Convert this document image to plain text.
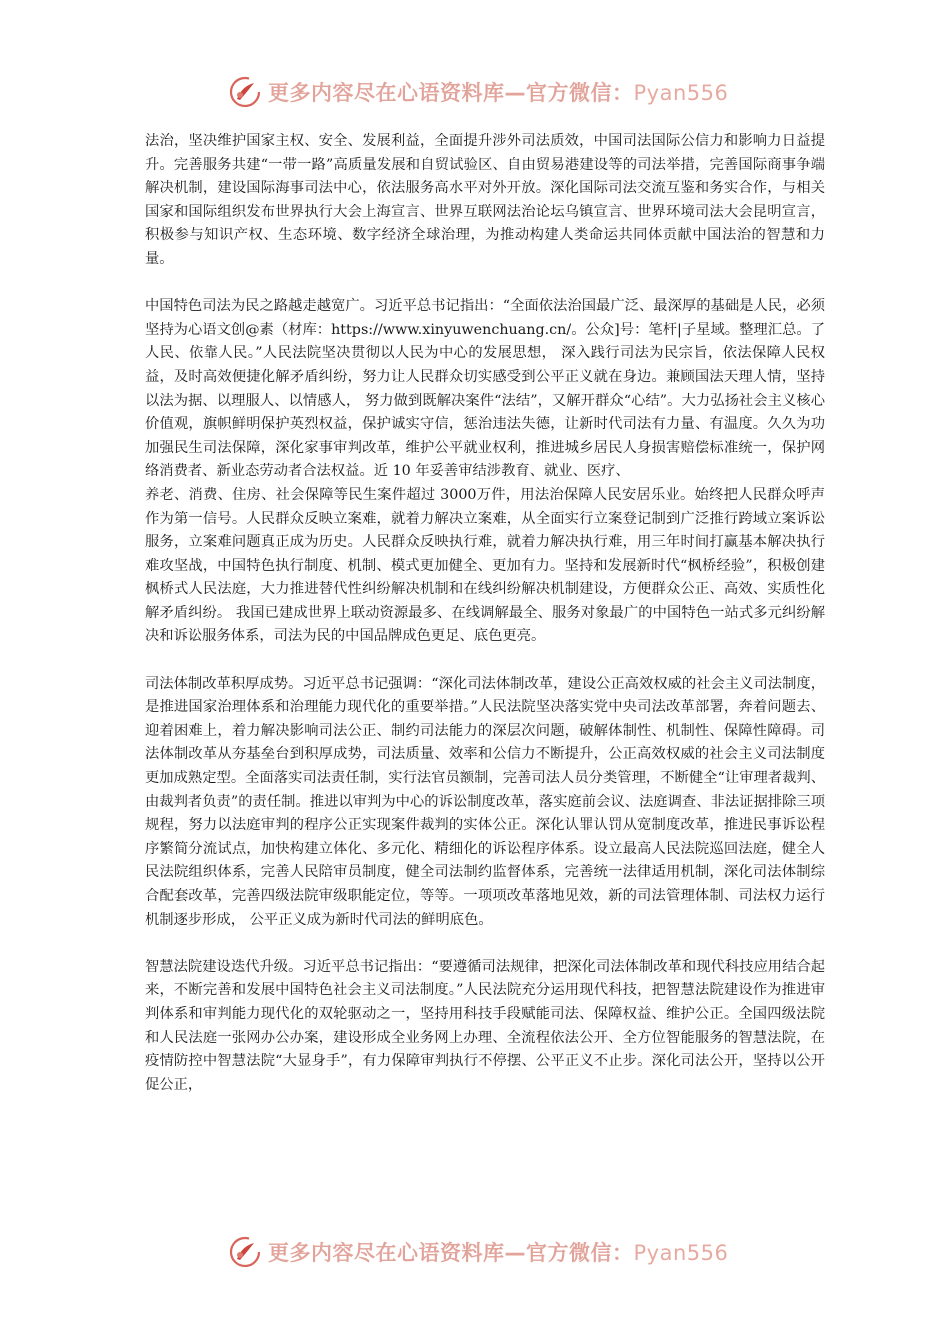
更多内容尽在心语资料库—官方微信：Pyan556

法治，坚决维护国家主权、安全、发展利益，全面提升涉外司法质效，中国司法国际公信力和影响力日益提升。完善服务共建“一带一路”高质量发展和自贸试验区、自由贸易港建设等的司法举措，完善国际商事争端解决机制，建设国际海事司法中心，依法服务高水平对外开放。深化国际司法交流互鉴和务实合作，与相关国家和国际组织发布世界执行大会上海宣言、世界互联网法治论坛乌镇宣言、世界环境司法大会昆明宣言，积极参与知识产权、生态环境、数字经济全球治理，为推动构建人类命运共同体贡献中国法治的智慧和力量。

中国特色司法为民之路越走越宽广。习近平总书记指出：“全面依法治国最广泛、最深厚的基础是人民，必须坚持为心语文创@素（材库：https://www.xinyuwenchuang.cn/。公众]号：笔杆|子星域。整理汇总。了人民、依靠人民。”人民法院坚决贯彻以人民为中心的发展思想， 深入践行司法为民宗旨，依法保障人民权益，及时高效便捷化解矛盾纠纷，努力让人民群众切实感受到公平正义就在身边。兼顾国法天理人情，坚持以法为据、以理服人、以情感人， 努力做到既解决案件“法结”，又解开群众“心结”。大力弘扬社会主义核心价值观，旗帜鲜明保护英烈权益，保护诚实守信，惩治违法失德，让新时代司法有力量、有温度。久久为功加强民生司法保障，深化家事审判改革，维护公平就业权利，推进城乡居民人身损害赔偿标准统一，保护网络消费者、新业态劳动者合法权益。近 10 年妥善审结涉教育、就业、医疗、

养老、消费、住房、社会保障等民生案件超过 3000万件，用法治保障人民安居乐业。始终把人民群众呼声作为第一信号。人民群众反映立案难，就着力解决立案难，从全面实行立案登记制到广泛推行跨域立案诉讼服务，立案难问题真正成为历史。人民群众反映执行难，就着力解决执行难，用三年时间打赢基本解决执行难攻坚战，中国特色执行制度、机制、模式更加健全、更加有力。坚持和发展新时代“枫桥经验”，积极创建枫桥式人民法庭，大力推进替代性纠纷解决机制和在线纠纷解决机制建设，方便群众公正、高效、实质性化解矛盾纠纷。 我国已建成世界上联动资源最多、在线调解最全、服务对象最广的中国特色一站式多元纠纷解决和诉讼服务体系，司法为民的中国品牌成色更足、底色更亮。

司法体制改革积厚成势。习近平总书记强调：“深化司法体制改革，建设公正高效权威的社会主义司法制度，是推进国家治理体系和治理能力现代化的重要举措。”人民法院坚决落实党中央司法改革部署，奔着问题去、迎着困难上，着力解决影响司法公正、制约司法能力的深层次问题，破解体制性、机制性、保障性障碍。司法体制改革从夯基垒台到积厚成势，司法质量、效率和公信力不断提升，公正高效权威的社会主义司法制度更加成熟定型。全面落实司法责任制，实行法官员额制，完善司法人员分类管理，不断健全“让审理者裁判、由裁判者负责”的责任制。推进以审判为中心的诉讼制度改革，落实庭前会议、法庭调查、非法证据排除三项规程，努力以法庭审判的程序公正实现案件裁判的实体公正。深化认罪认罚从宽制度改革，推进民事诉讼程序繁简分流试点，加快构建立体化、多元化、精细化的诉讼程序体系。设立最高人民法院巡回法庭，健全人民法院组织体系，完善人民陪审员制度，健全司法制约监督体系，完善统一法律适用机制，深化司法体制综合配套改革，完善四级法院审级职能定位，等等。一项项改革落地见效，新的司法管理体制、司法权力运行机制逐步形成， 公平正义成为新时代司法的鲜明底色。

智慧法院建设迭代升级。习近平总书记指出：“要遵循司法规律，把深化司法体制改革和现代科技应用结合起来，不断完善和发展中国特色社会主义司法制度。”人民法院充分运用现代科技，把智慧法院建设作为推进审判体系和审判能力现代化的双轮驱动之一，坚持用科技手段赋能司法、保障权益、维护公正。全国四级法院和人民法庭一张网办公办案，建设形成全业务网上办理、全流程依法公开、全方位智能服务的智慧法院，在疫情防控中智慧法院“大显身手”，有力保障审判执行不停摆、公平正义不止步。深化司法公开，坚持以公开促公正，

更多内容尽在心语资料库—官方微信：Pyan556
